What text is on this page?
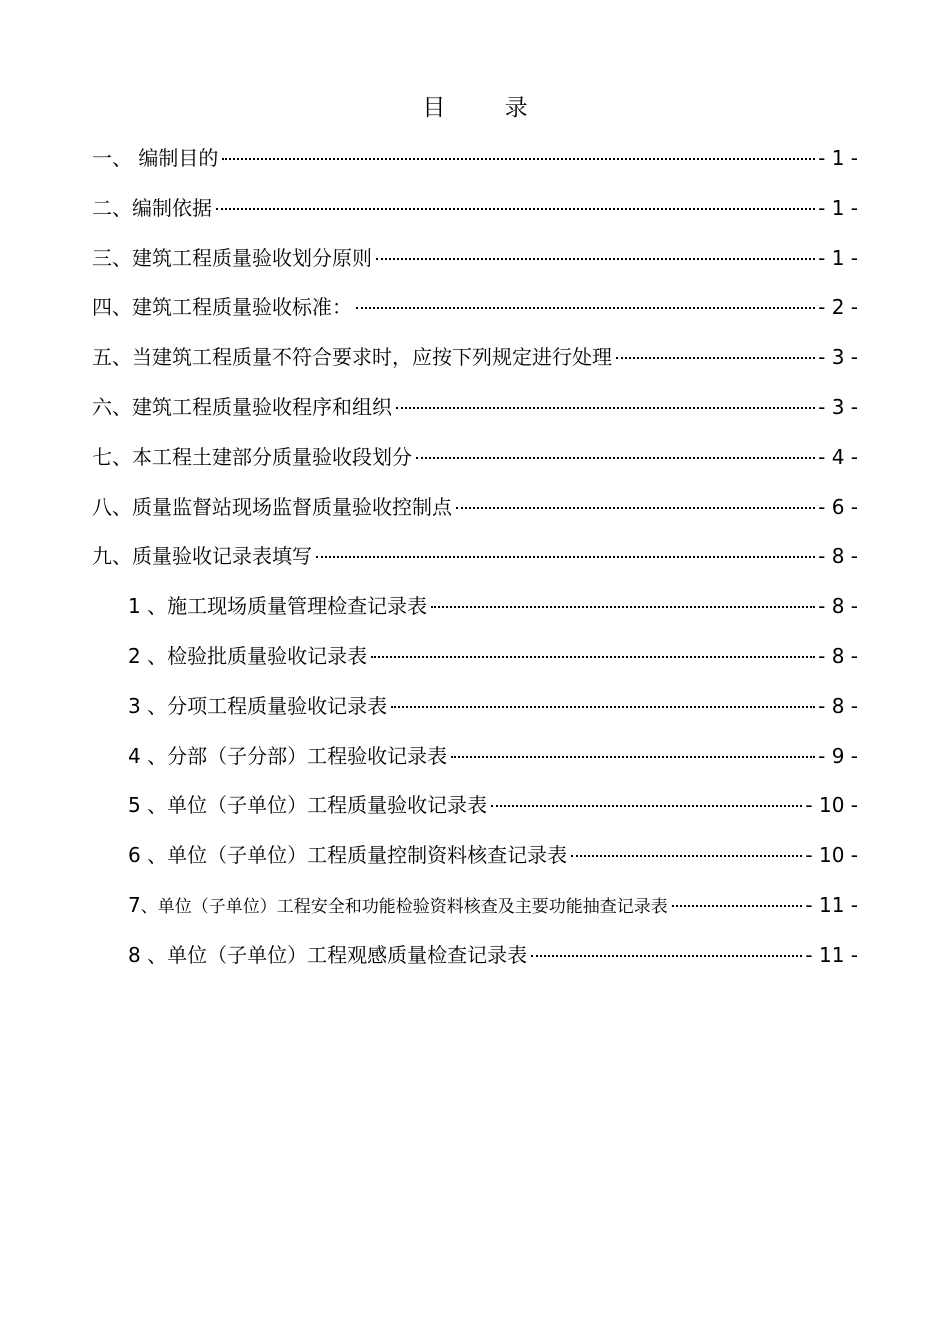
目 录
一、 编制目的	- 1 -
二、编制依据	- 1 -
三、建筑工程质量验收划分原则	- 1 -
四、建筑工程质量验收标准：	- 2 -
五、当建筑工程质量不符合要求时，应按下列规定进行处理	- 3 -
六、建筑工程质量验收程序和组织	- 3 -
七、本工程土建部分质量验收段划分	- 4 -
八、质量监督站现场监督质量验收控制点	- 6 -
九、质量验收记录表填写	- 8 -
1 、施工现场质量管理检查记录表	- 8 -
2 、检验批质量验收记录表	- 8 -
3 、分项工程质量验收记录表	- 8 -
4 、分部（子分部）工程验收记录表	- 9 -
5 、单位（子单位）工程质量验收记录表	- 10 -
6 、单位（子单位）工程质量控制资料核查记录表	- 10 -
7、单位（子单位）工程安全和功能检验资料核查及主要功能抽查记录表	- 11 -
8 、单位（子单位）工程观感质量检查记录表	- 11 -
